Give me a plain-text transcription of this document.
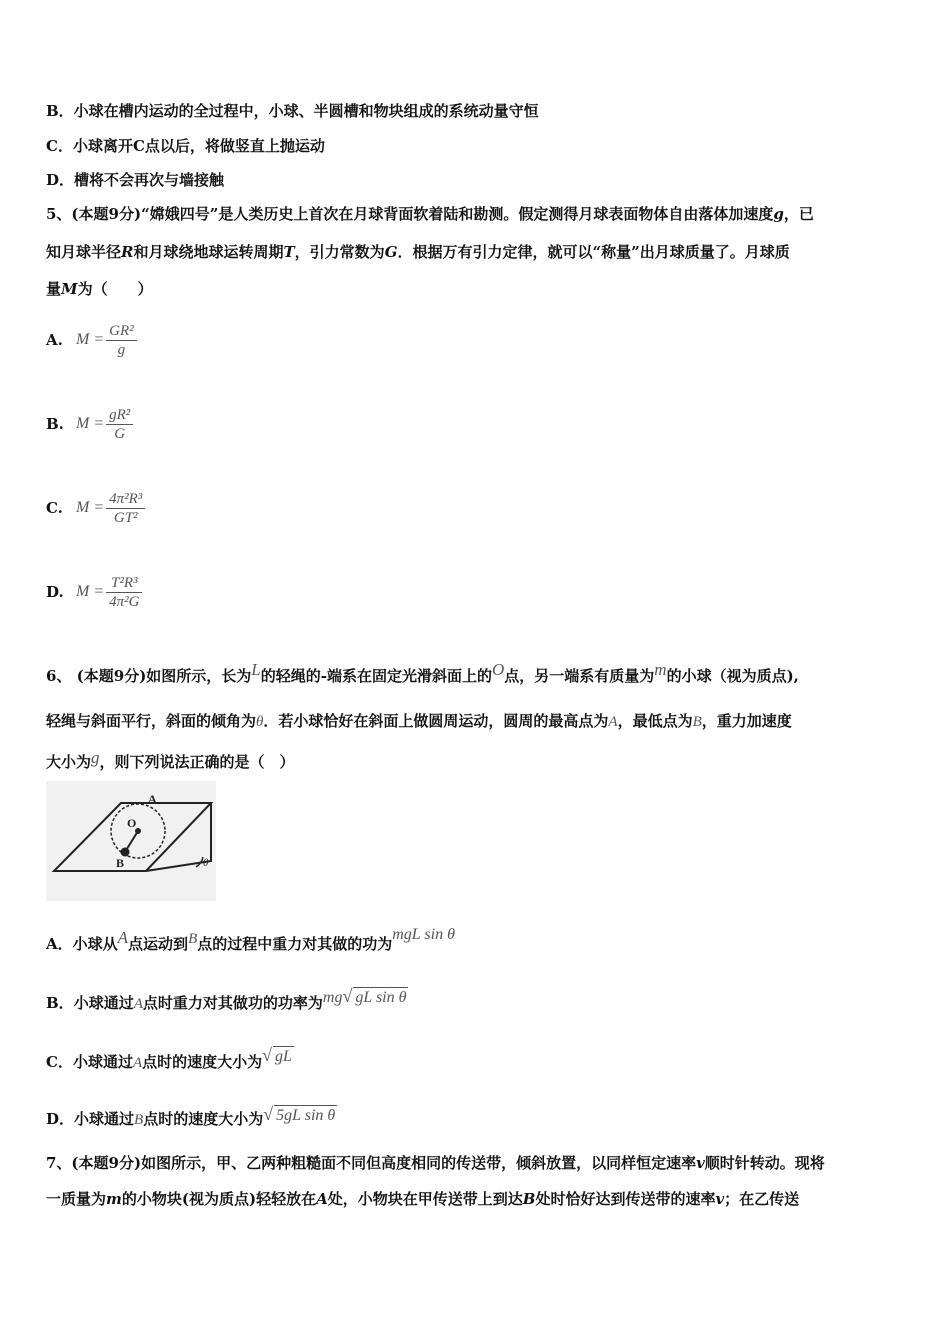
B．小球在槽内运动的全过程中，小球、半圆槽和物块组成的系统动量守恒
C．小球离开C点以后，将做竖直上抛运动
D．槽将不会再次与墙接触
5、(本题9分)“嫦娥四号”是人类历史上首次在月球背面软着陆和勘测。假定测得月球表面物体自由落体加速度g，已
知月球半径R和月球绕地球运转周期T，引力常数为G．根据万有引力定律，就可以“称量”出月球质量了。月球质
量M为（　　）
A. $M = \frac{\text{GR²}}{g}$
B. $M = \frac{\text{gR²}}{G}$
C. $M = \frac{\text{4π²R³}}{\text{GT²}}$
D. $M = \frac{\text{T²R³}}{\text{4π²G}}$
6、 (本题9分)如图所示，长为L的轻绳的-端系在固定光滑斜面上的O点，另一端系有质量为m的小球（视为质点),
轻绳与斜面平行，斜面的倾角为θ．若小球恰好在斜面上做圆周运动，圆周的最高点为A，最低点为B，重力加速度
大小为g，则下列说法正确的是（　）
A
O
B	θ
A．小球从A点运动到B点的过程中重力对其做的功为mgL sin θ
B．小球通过A点时重力对其做功的功率为mg√ gL sin θ
C．小球通过A点时的速度大小为√ gL
D．小球通过B点时的速度大小为√ 5gL sin θ
7、(本题9分)如图所示，甲、乙两种粗糙面不同但高度相同的传送带，倾斜放置，以同样恒定速率v顺时针转动。现将
一质量为m的小物块(视为质点)轻轻放在A处，小物块在甲传送带上到达B处时恰好达到传送带的速率v；在乙传送
